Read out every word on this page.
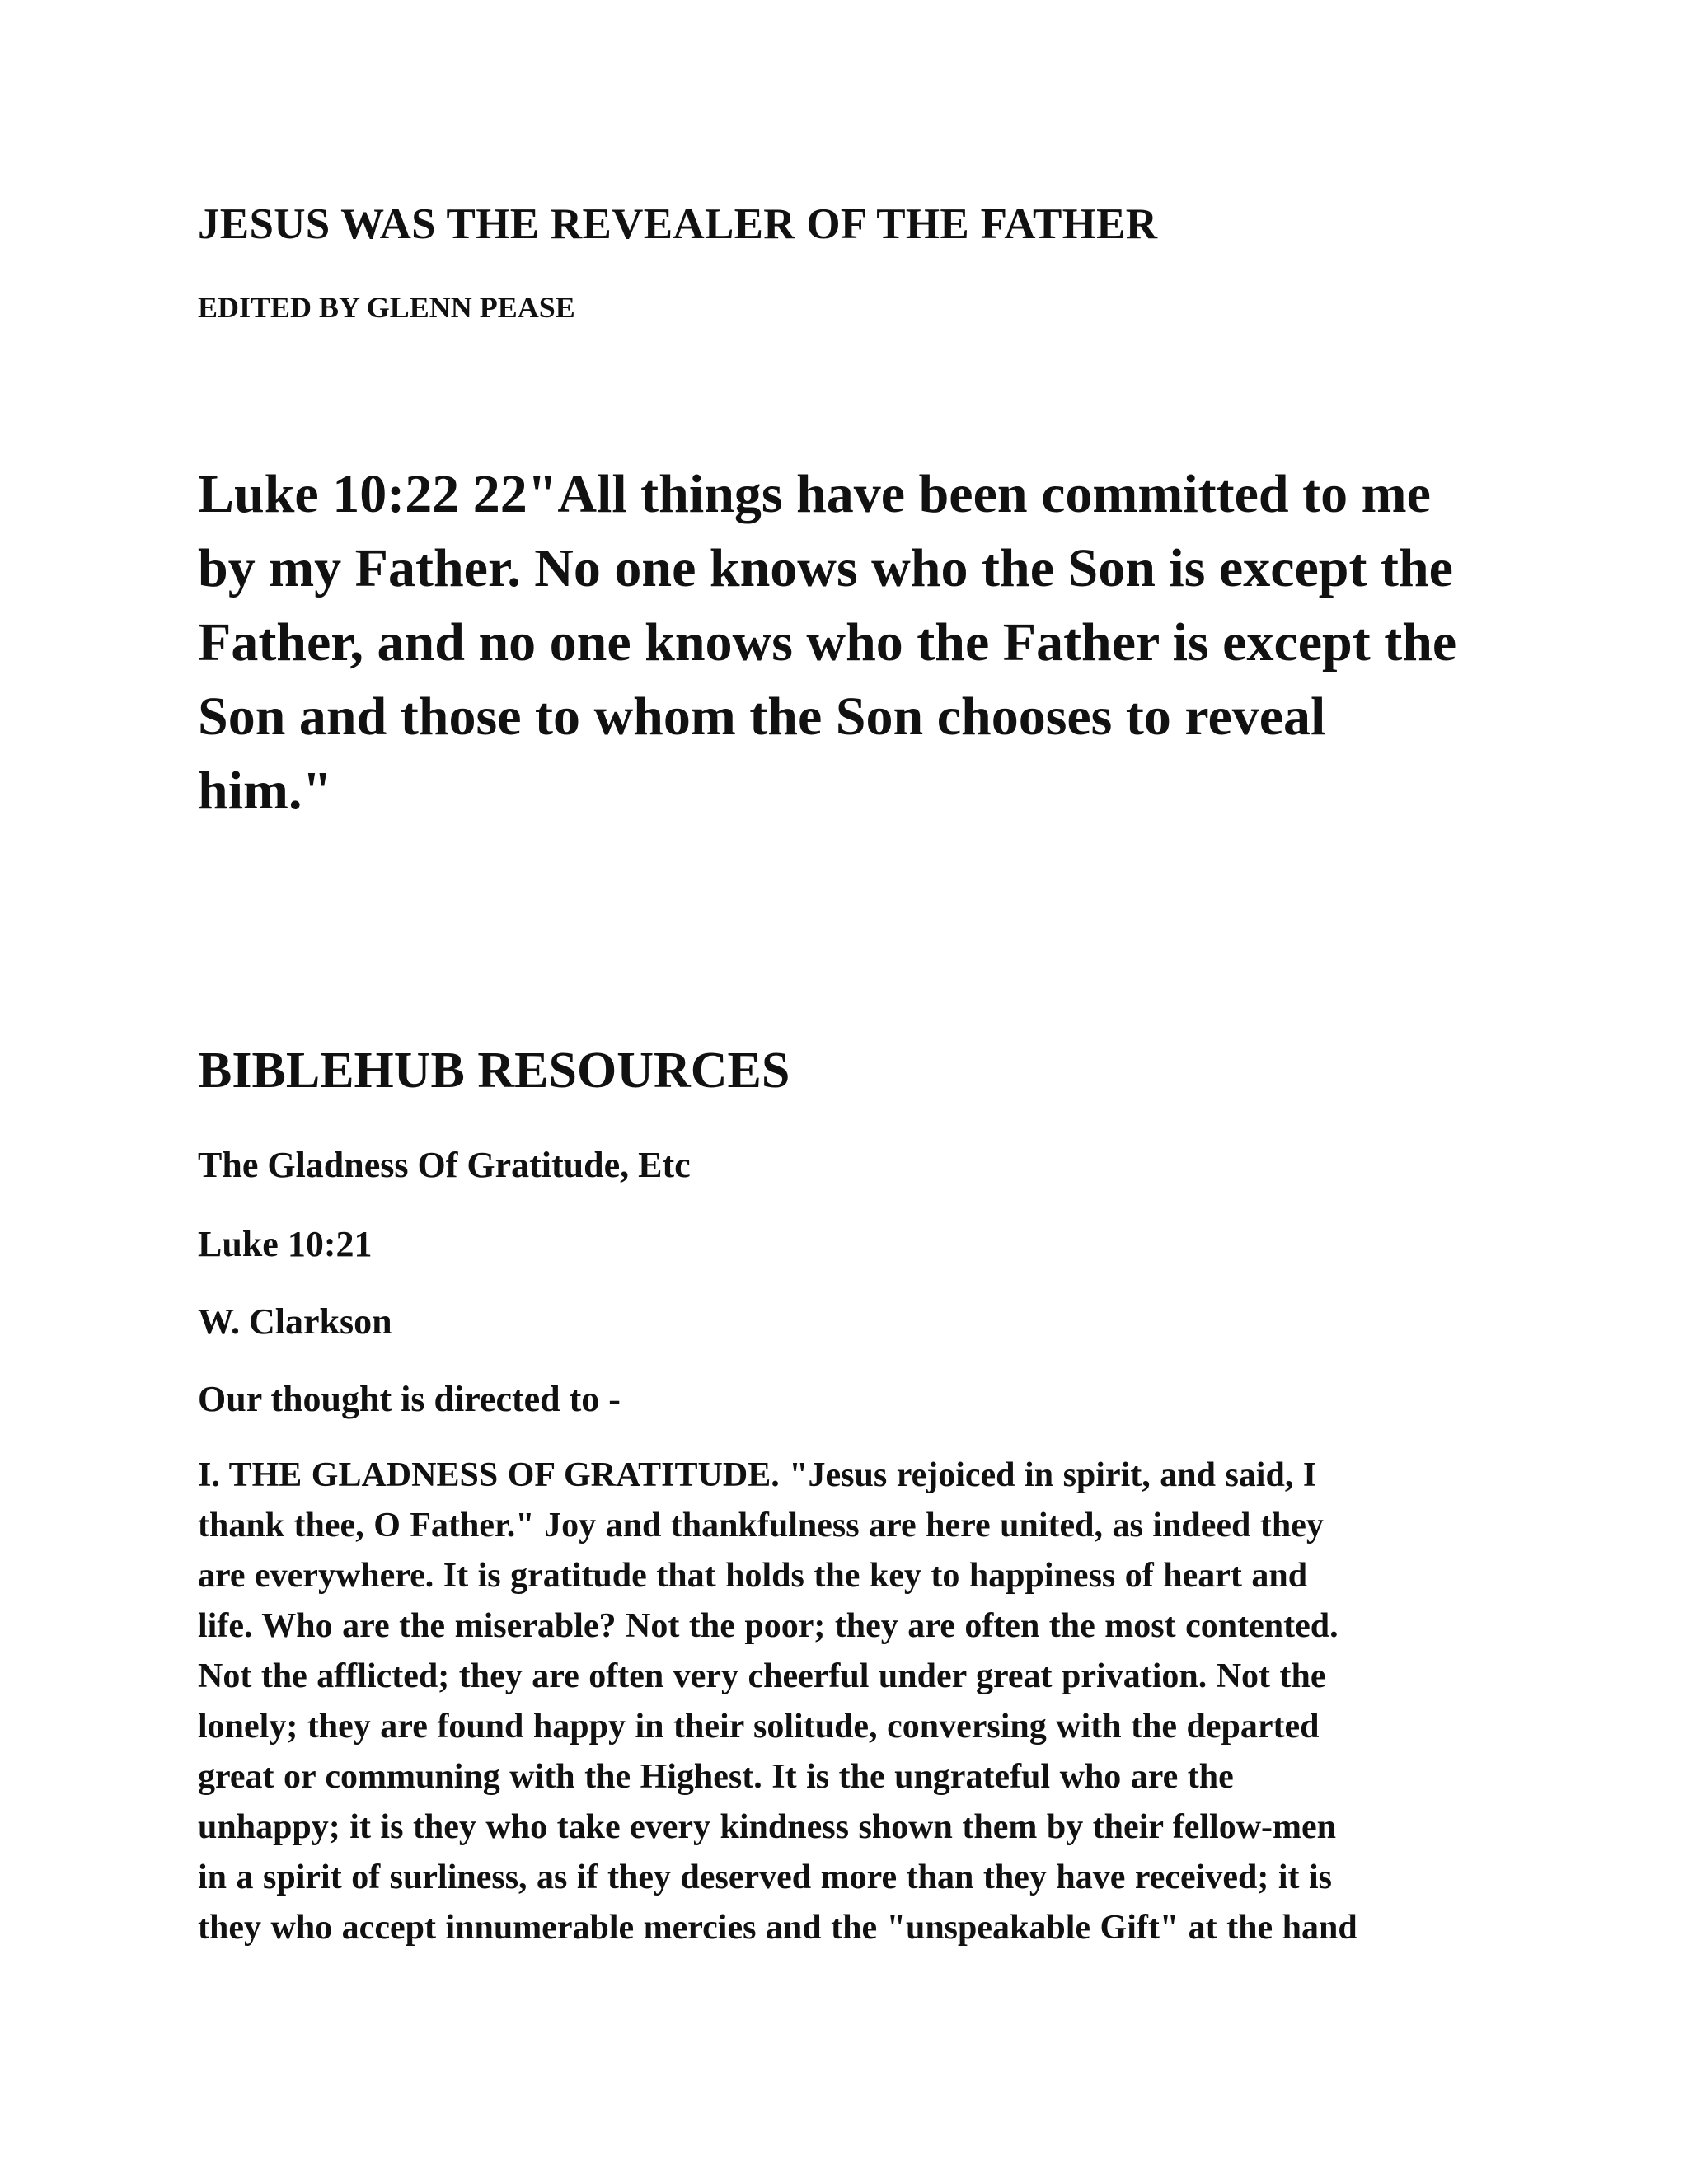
JESUS WAS THE REVEALER OF THE FATHER
EDITED BY GLENN PEASE
Luke 10:22 22"All things have been committed to me
by my Father. No one knows who the Son is except the
Father, and no one knows who the Father is except the
Son and those to whom the Son chooses to reveal
him."
BIBLEHUB RESOURCES
The Gladness Of Gratitude, Etc
Luke 10:21
W. Clarkson
Our thought is directed to -
I. THE GLADNESS OF GRATITUDE. "Jesus rejoiced in spirit, and said, I
thank thee, O Father." Joy and thankfulness are here united, as indeed they
are everywhere. It is gratitude that holds the key to happiness of heart and
life. Who are the miserable? Not the poor; they are often the most contented.
Not the afflicted; they are often very cheerful under great privation. Not the
lonely; they are found happy in their solitude, conversing with the departed
great or communing with the Highest. It is the ungrateful who are the
unhappy; it is they who take every kindness shown them by their fellow-men
in a spirit of surliness, as if they deserved more than they have received; it is
they who accept innumerable mercies and the "unspeakable Gift" at the hand
